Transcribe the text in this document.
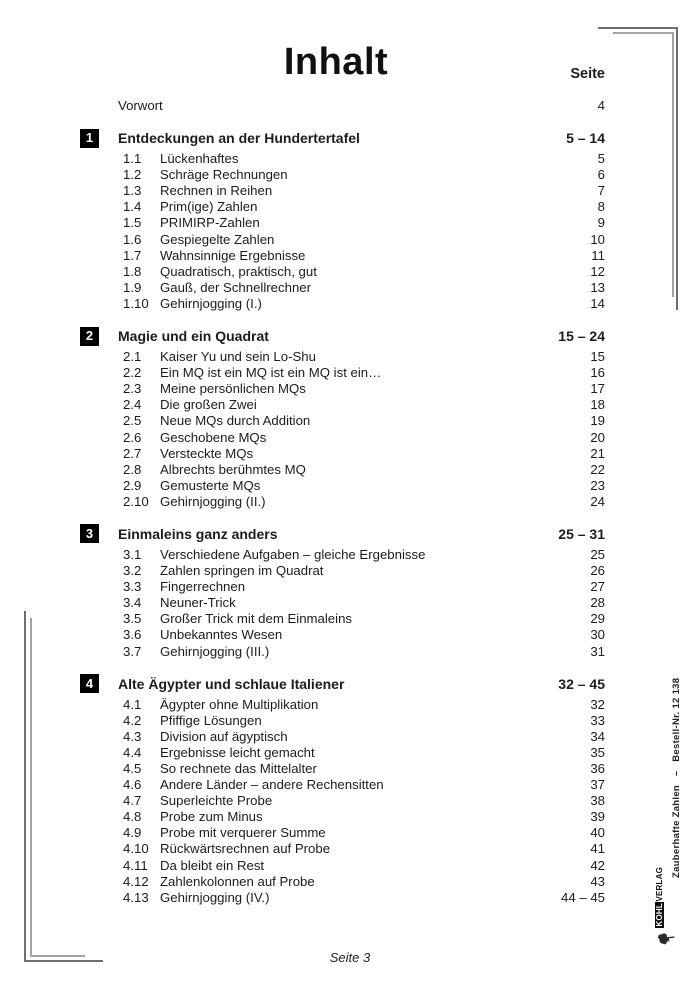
Inhalt	Seite
Vorwort	4
1	Entdeckungen an der Hundertertafel	5 – 14
1.1	Lückenhaftes	5
1.2	Schräge Rechnungen	6
1.3	Rechnen in Reihen	7
1.4	Prim(ige) Zahlen	8
1.5	PRIMIRP-Zahlen	9
1.6	Gespiegelte Zahlen	10
1.7	Wahnsinnige Ergebnisse	11
1.8	Quadratisch, praktisch, gut	12
1.9	Gauß, der Schnellrechner	13
1.10 Gehirnjogging (I.)	14
2	Magie und ein Quadrat	15 – 24
2.1	Kaiser Yu und sein Lo-Shu	15
2.2	Ein MQ ist ein MQ ist ein MQ ist ein…	16
2.3	Meine persönlichen MQs	17
2.4	Die großen Zwei	18
2.5	Neue MQs durch Addition	19
2.6	Geschobene MQs	20
2.7	Versteckte MQs	21
2.8	Albrechts berühmtes MQ	22
2.9	Gemusterte MQs	23
2.10 Gehirnjogging (II.)	24
3	Einmaleins ganz anders	25 – 31
3.1	Verschiedene Aufgaben – gleiche Ergebnisse	25
3.2	Zahlen springen im Quadrat	26
3.3	Fingerrechnen	27
3.4	Neuner-Trick	28
3.5	Großer Trick mit dem Einmaleins	29
3.6	Unbekanntes Wesen	30
3.7	Gehirnjogging (III.)	31
4	Alte Ägypter und schlaue Italiener	32 – 45
4.1	Ägypter ohne Multiplikation	32
4.2	Pfiffige Lösungen	33
4.3	Division auf ägyptisch	34
4.4	Ergebnisse leicht gemacht	35
4.5	So rechnete das Mittelalter	36
4.6	Andere Länder – andere Rechensitten	37
4.7	Superleichte Probe	38
4.8	Probe zum Minus	39
4.9	Probe mit verquerer Summe	40
4.10 Rückwärtsrechnen auf Probe	41
4.11 Da bleibt ein Rest	42
4.12 Zahlenkolonnen auf Probe	43
4.13 Gehirnjogging (IV.)	44 – 45
Zauberhafte Zahlen   –   Bestell-Nr. 12 138
KOHLVERLAG
Seite 3
